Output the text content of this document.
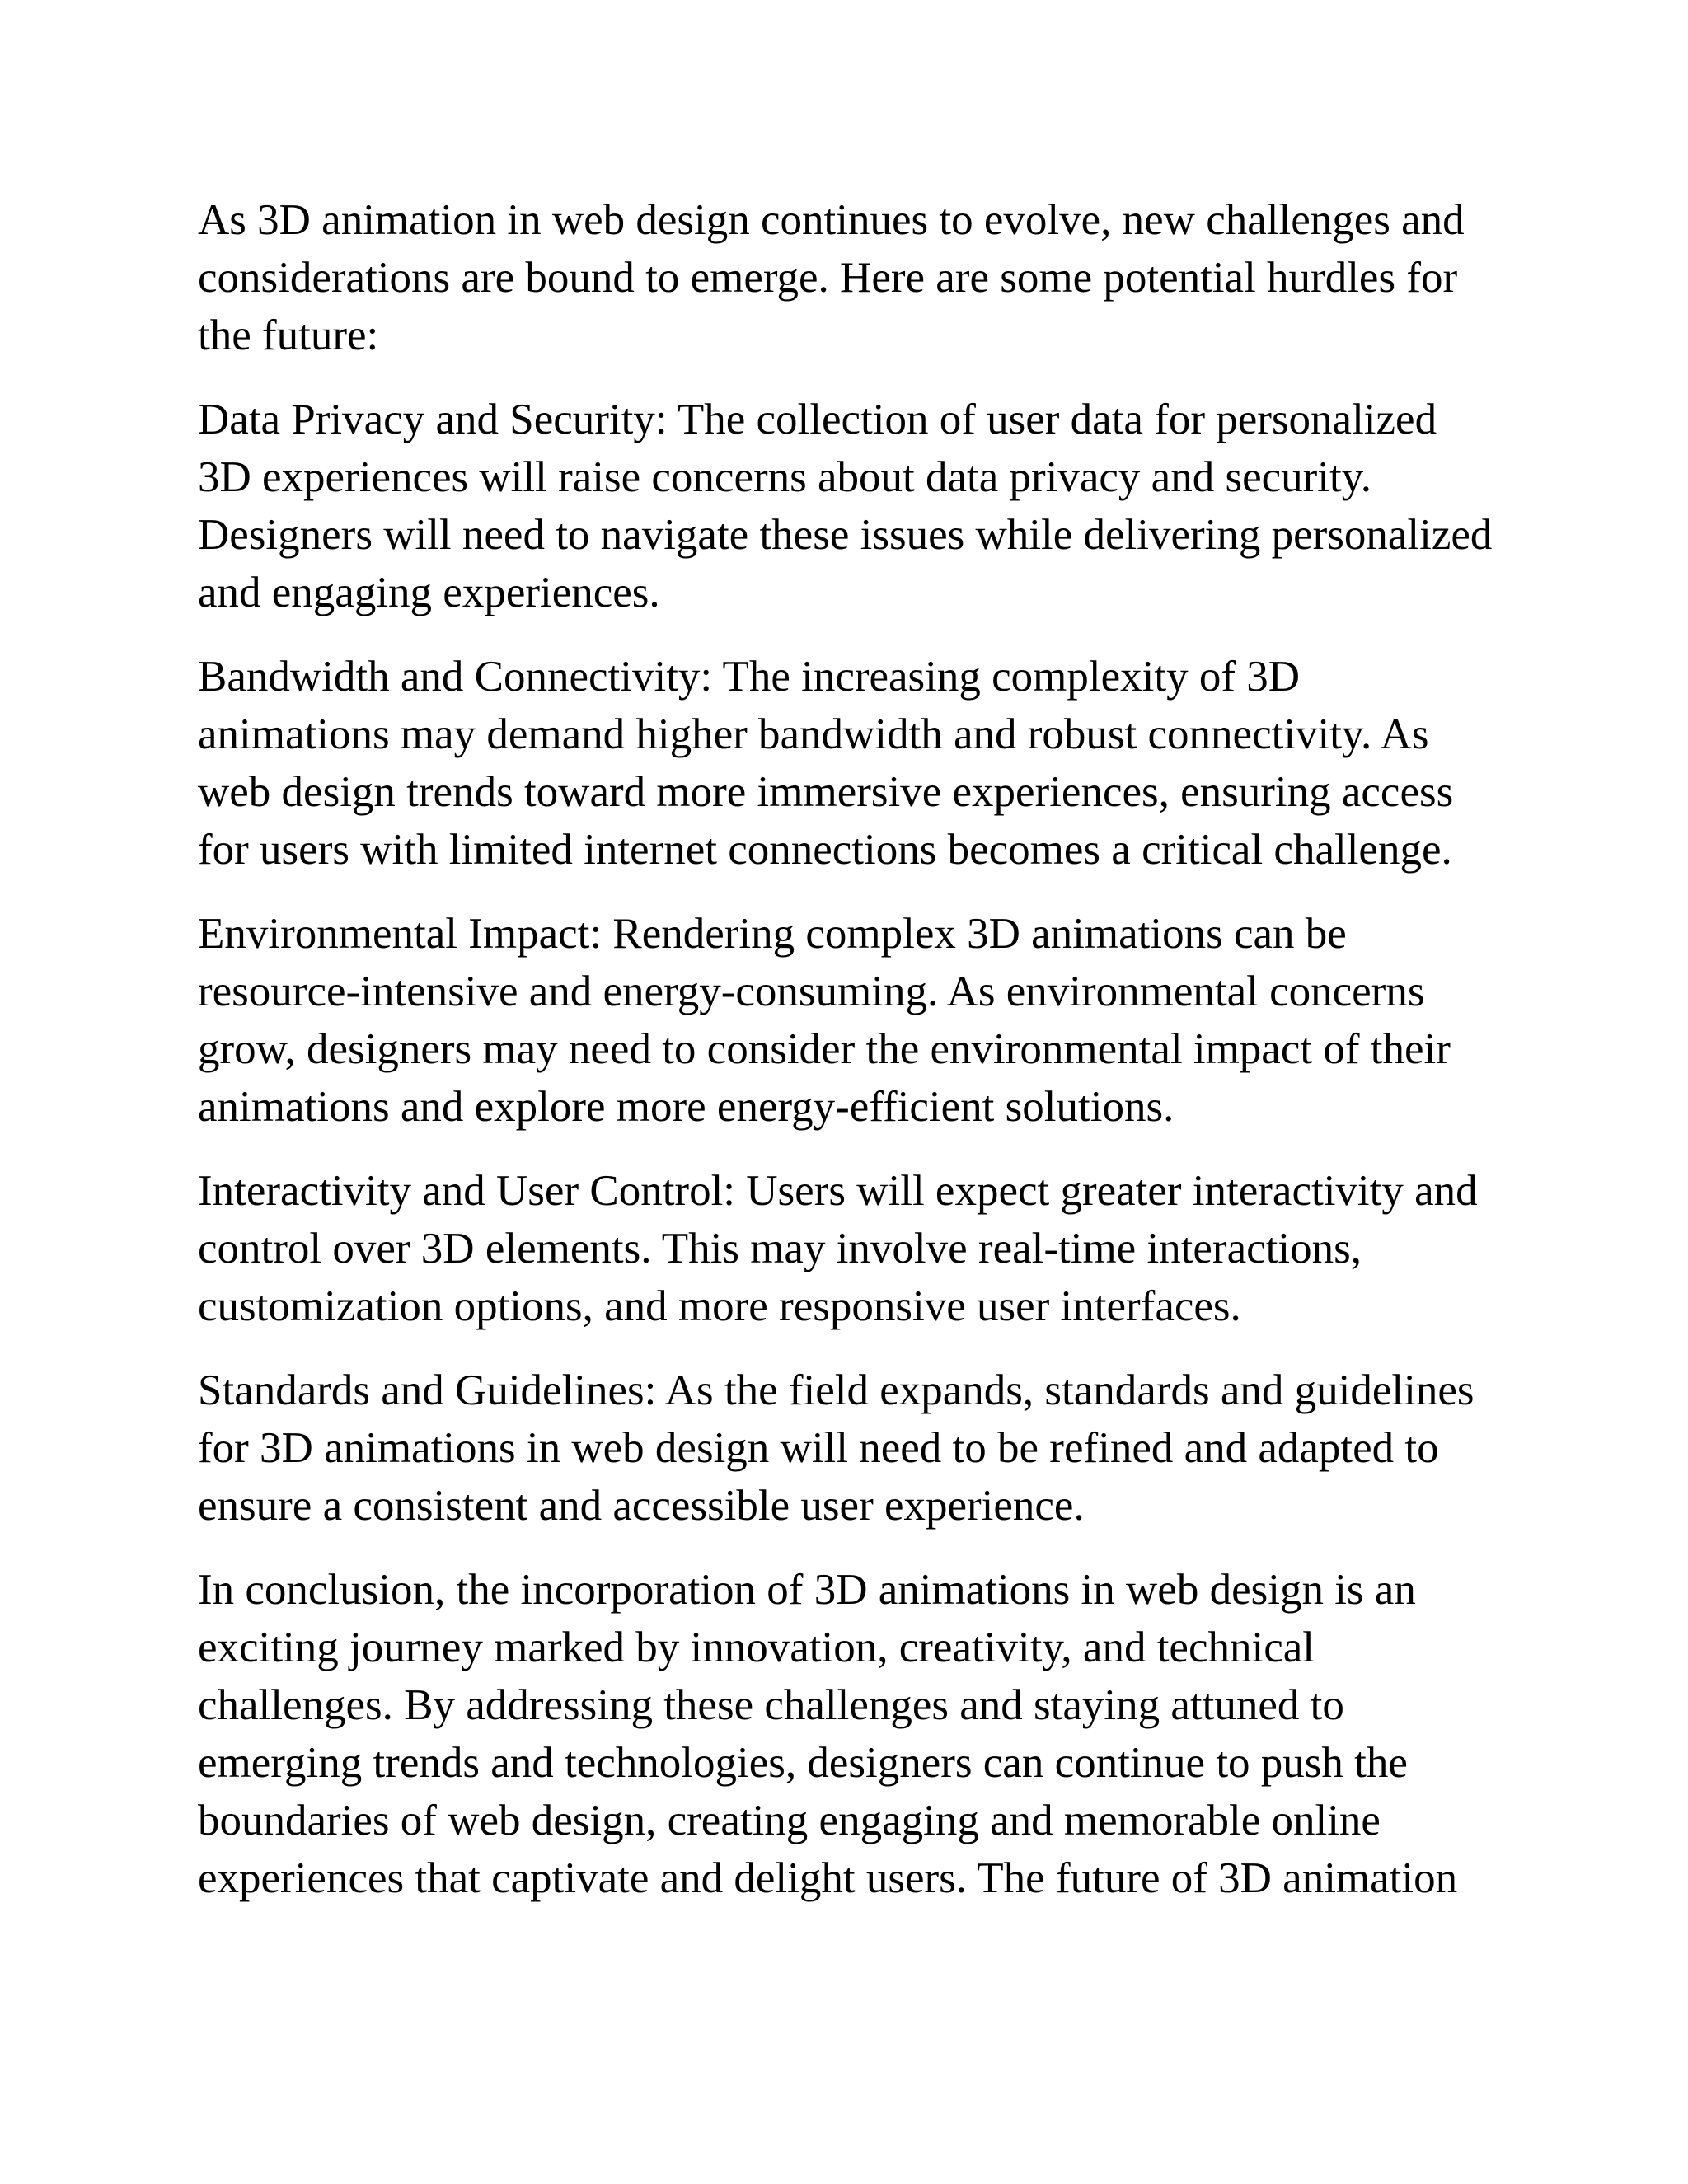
As 3D animation in web design continues to evolve, new challenges and considerations are bound to emerge. Here are some potential hurdles for the future:

Data Privacy and Security: The collection of user data for personalized 3D experiences will raise concerns about data privacy and security. Designers will need to navigate these issues while delivering personalized and engaging experiences.

Bandwidth and Connectivity: The increasing complexity of 3D animations may demand higher bandwidth and robust connectivity. As web design trends toward more immersive experiences, ensuring access for users with limited internet connections becomes a critical challenge.

Environmental Impact: Rendering complex 3D animations can be resource-intensive and energy-consuming. As environmental concerns grow, designers may need to consider the environmental impact of their animations and explore more energy-efficient solutions.

Interactivity and User Control: Users will expect greater interactivity and control over 3D elements. This may involve real-time interactions, customization options, and more responsive user interfaces.

Standards and Guidelines: As the field expands, standards and guidelines for 3D animations in web design will need to be refined and adapted to ensure a consistent and accessible user experience.

In conclusion, the incorporation of 3D animations in web design is an exciting journey marked by innovation, creativity, and technical challenges. By addressing these challenges and staying attuned to emerging trends and technologies, designers can continue to push the boundaries of web design, creating engaging and memorable online experiences that captivate and delight users. The future of 3D animation
